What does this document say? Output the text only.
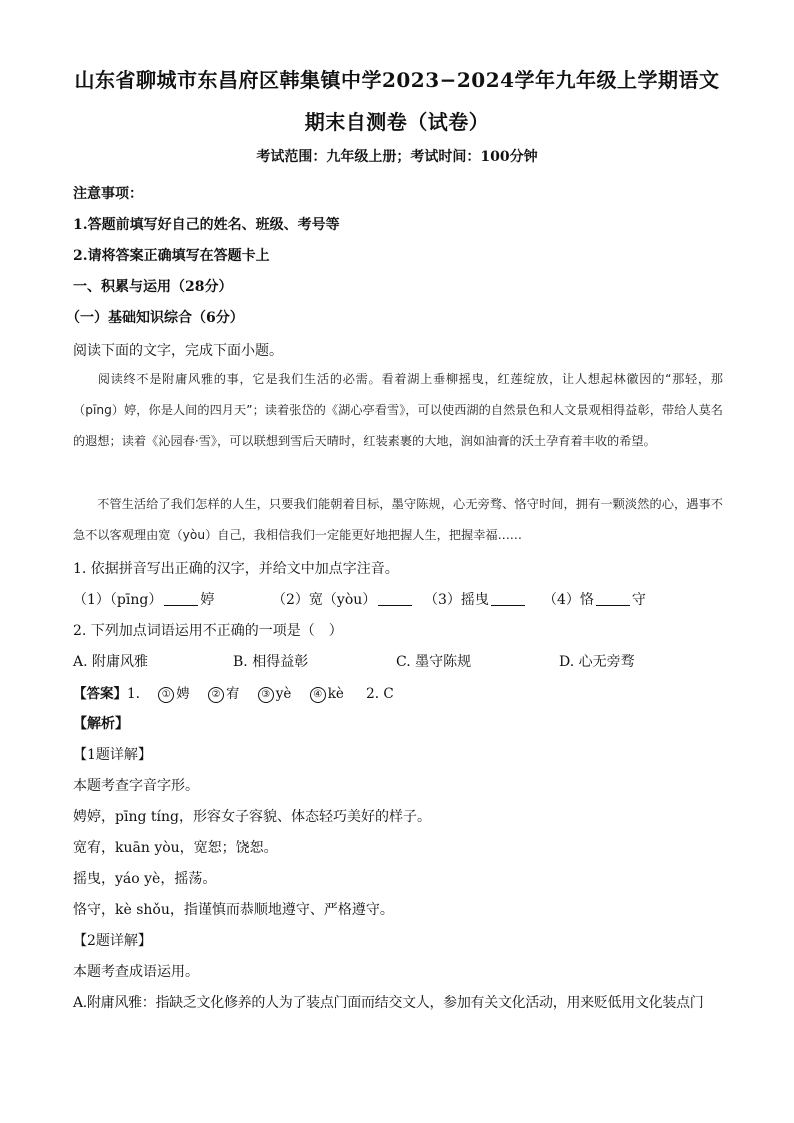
山东省聊城市东昌府区韩集镇中学2023−2024学年九年级上学期语文
期末自测卷（试卷）
考试范围：九年级上册；考试时间：100分钟
注意事项：
1.答题前填写好自己的姓名、班级、考号等
2.请将答案正确填写在答题卡上
一、积累与运用（28分）
（一）基础知识综合（6分）
阅读下面的文字，完成下面小题。
阅读终不是附庸风雅的事，它是我们生活的必需。看着湖上垂柳摇曳，红莲绽放，让人想起林徽因的“那轻，那（pīng）婷，你是人间的四月天”；读着张岱的《湖心亭看雪》，可以使西湖的自然景色和人文景观相得益彰，带给人莫名的遐想；读着《沁园春·雪》，可以联想到雪后天晴时，红装素裹的大地，润如油膏的沃土孕育着丰收的希望。
不管生活给了我们怎样的人生，只要我们能朝着目标，墨守陈规，心无旁骛、恪守时间，拥有一颗淡然的心，遇事不急不以客观理由宽（yòu）自己，我相信我们一定能更好地把握人生，把握幸福……
1. 依据拼音写出正确的汉字，并给文中加点字注音。
（1）（pīng）	婷	（2）宽（yòu）	（3）摇曳	（4）恪	守
2. 下列加点词语运用不正确的一项是（　）
A. 附庸风雅	B. 相得益彰	C. 墨守陈规	D. 心无旁骛
【答案】1. ① 娉 ② 宥 ③ yè ④ kè 2. C
【解析】
【1题详解】
本题考查字音字形。
娉婷，pīng tíng，形容女子容貌、体态轻巧美好的样子。
宽宥，kuān yòu，宽恕；饶恕。
摇曳，yáo yè，摇荡。
恪守，kè shǒu，指谨慎而恭顺地遵守、严格遵守。
【2题详解】
本题考查成语运用。
A.附庸风雅：指缺乏文化修养的人为了装点门面而结交文人，参加有关文化活动，用来贬低用文化装点门
